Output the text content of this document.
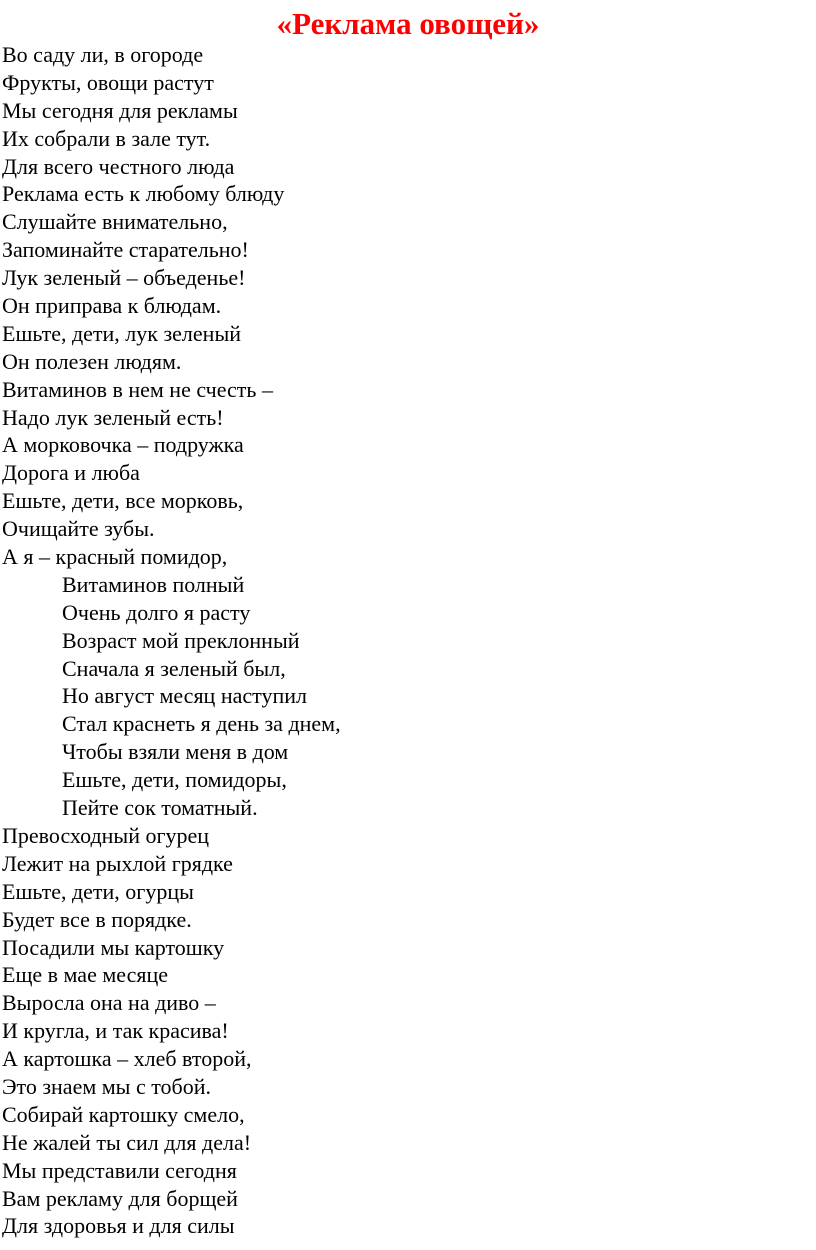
«Реклама овощей»
Во саду ли, в огороде
Фрукты, овощи растут
Мы сегодня для рекламы
Их собрали в зале тут.
Для всего честного люда
Реклама есть к любому блюду
Слушайте внимательно,
Запоминайте старательно!
Лук зеленый – объеденье!
Он приправа к блюдам.
Ешьте, дети, лук зеленый
Он полезен людям.
Витаминов в нем не счесть –
Надо лук зеленый есть!
А морковочка – подружка
Дорога и люба
Ешьте, дети, все морковь,
Очищайте зубы.
А я – красный помидор,
Витаминов полный
Очень долго я расту
Возраст мой преклонный
Сначала я зеленый был,
Но август месяц наступил
Стал краснеть я день за днем,
Чтобы взяли меня в дом
Ешьте, дети, помидоры,
Пейте сок томатный.
Превосходный огурец
Лежит на рыхлой грядке
Ешьте, дети, огурцы
Будет все в порядке.
Посадили мы картошку
Еще в мае месяце
Выросла она на диво –
И кругла, и так красива!
А картошка – хлеб второй,
Это знаем мы с тобой.
Собирай картошку смело,
Не жалей ты сил для дела!
Мы представили сегодня
Вам рекламу для борщей
Для здоровья и для силы
